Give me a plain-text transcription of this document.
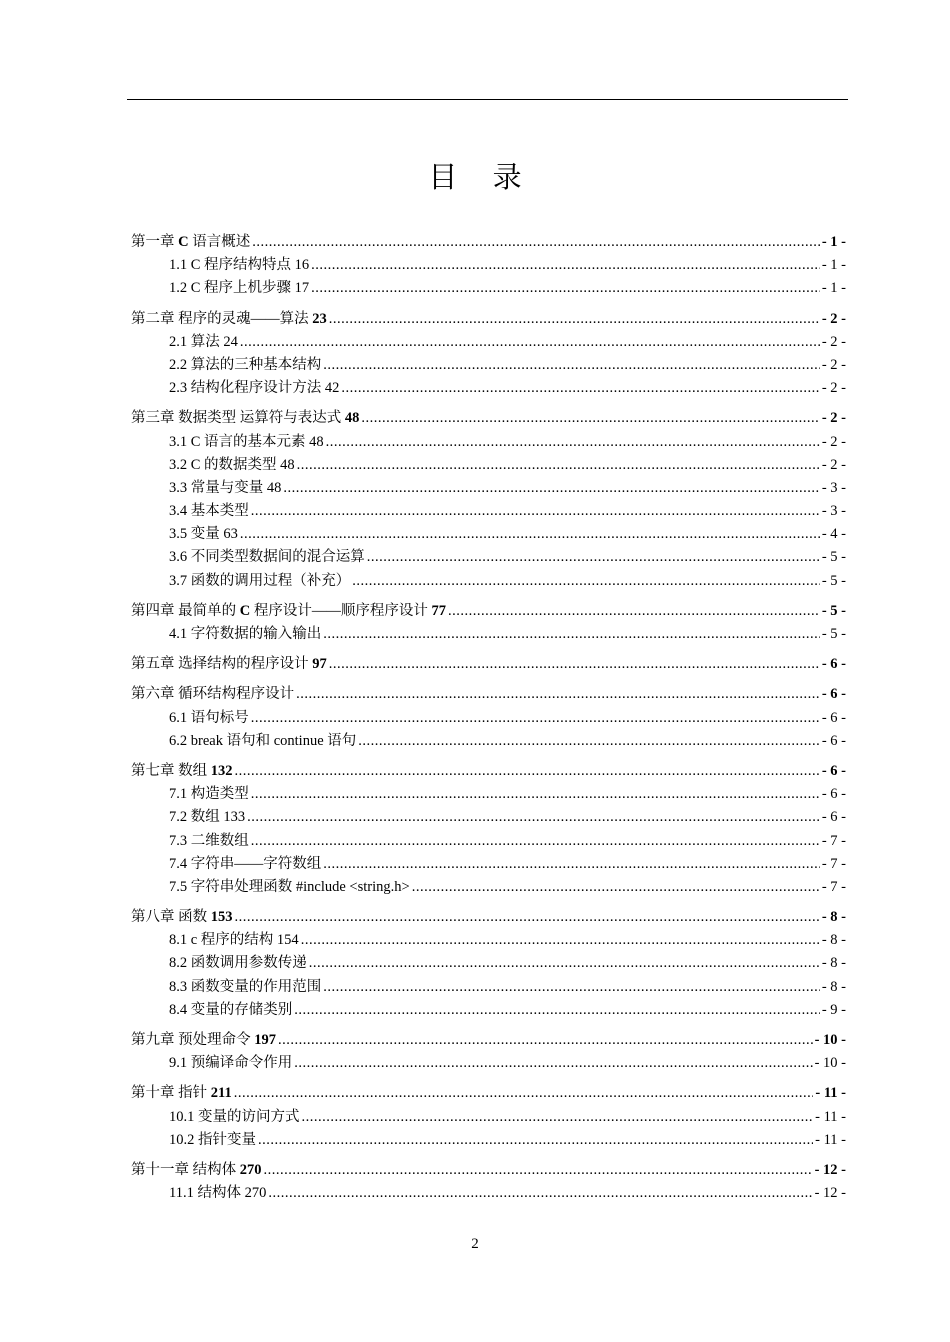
目 录
第一章 C 语言概述 .....	- 1 -
1.1 C 程序结构特点 16 .....	- 1 -
1.2 C 程序上机步骤 17 .....	- 1 -
第二章 程序的灵魂——算法 23 .....	- 2 -
2.1 算法 24 .....	- 2 -
2.2 算法的三种基本结构 .....	- 2 -
2.3 结构化程序设计方法 42 .....	- 2 -
第三章 数据类型 运算符与表达式 48 .....	- 2 -
3.1 C 语言的基本元素 48 .....	- 2 -
3.2 C 的数据类型 48 .....	- 2 -
3.3 常量与变量 48 .....	- 3 -
3.4 基本类型 .....	- 3 -
3.5 变量 63 .....	- 4 -
3.6 不同类型数据间的混合运算 .....	- 5 -
3.7 函数的调用过程（补充） .....	- 5 -
第四章 最简单的 C 程序设计——顺序程序设计 77 .....	- 5 -
4.1 字符数据的输入输出 .....	- 5 -
第五章 选择结构的程序设计 97 .....	- 6 -
第六章 循环结构程序设计 .....	- 6 -
6.1 语句标号 .....	- 6 -
6.2 break 语句和 continue 语句 .....	- 6 -
第七章 数组 132 .....	- 6 -
7.1 构造类型 .....	- 6 -
7.2 数组 133 .....	- 6 -
7.3 二维数组 .....	- 7 -
7.4 字符串——字符数组 .....	- 7 -
7.5 字符串处理函数 #include <string.h> .....	- 7 -
第八章 函数 153 .....	- 8 -
8.1 c 程序的结构 154 .....	- 8 -
8.2 函数调用参数传递 .....	- 8 -
8.3 函数变量的作用范围 .....	- 8 -
8.4 变量的存储类别 .....	- 9 -
第九章 预处理命令 197 .....	- 10 -
9.1 预编译命令作用 .....	- 10 -
第十章 指针 211 .....	- 11 -
10.1 变量的访问方式 .....	- 11 -
10.2 指针变量 .....	- 11 -
第十一章 结构体 270 .....	- 12 -
11.1 结构体 270 .....	- 12 -
2
